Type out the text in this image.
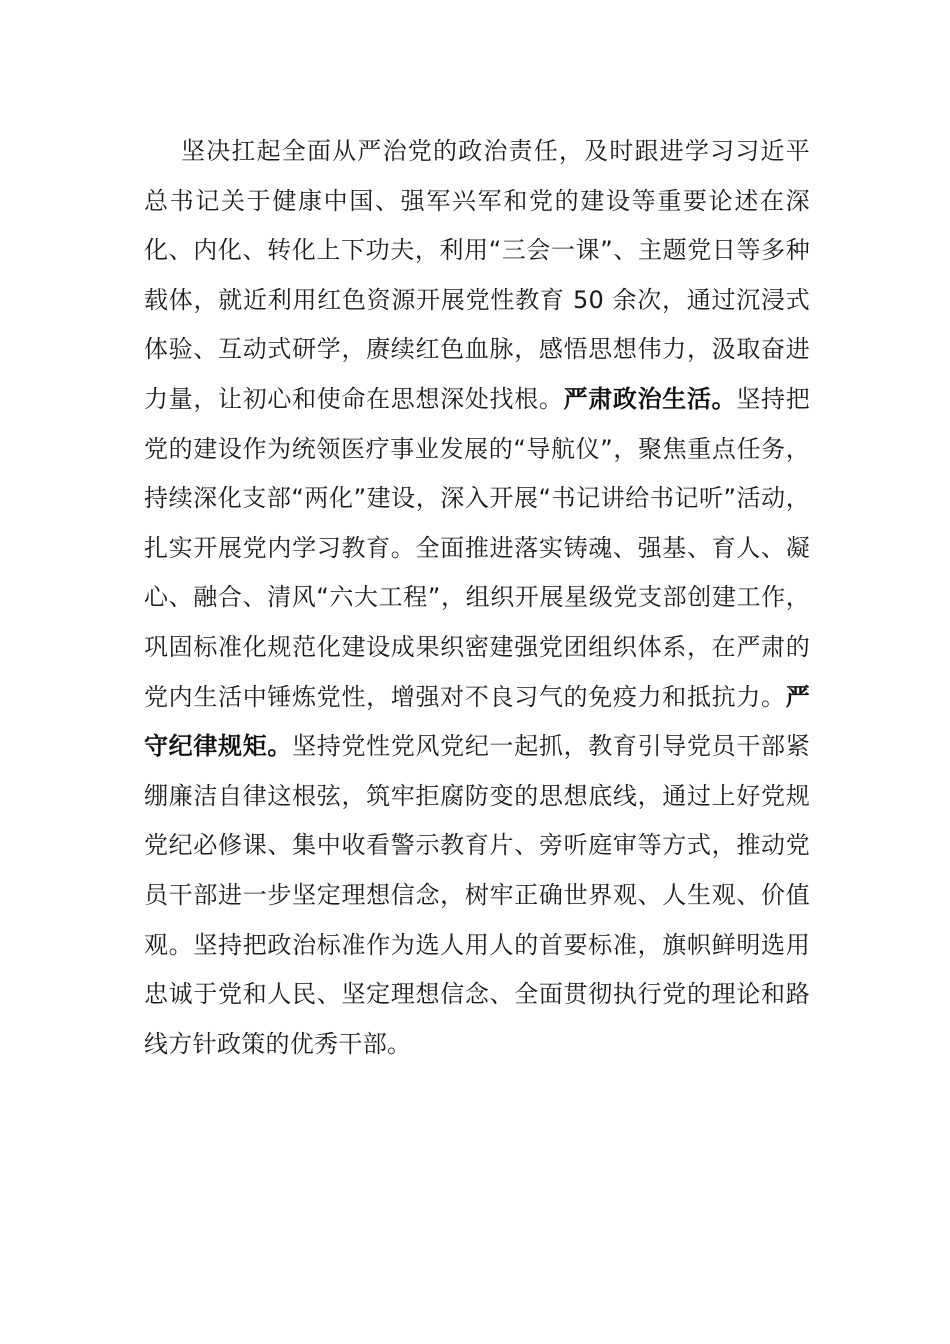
坚决扛起全面从严治党的政治责任，及时跟进学习习近平总书记关于健康中国、强军兴军和党的建设等重要论述在深化、内化、转化上下功夫，利用“三会一课”、主题党日等多种载体，就近利用红色资源开展党性教育 50 余次，通过沉浸式体验、互动式研学，赓续红色血脉，感悟思想伟力，汲取奋进力量，让初心和使命在思想深处找根。严肃政治生活。坚持把党的建设作为统领医疗事业发展的“导航仪”，聚焦重点任务，持续深化支部“两化”建设，深入开展“书记讲给书记听”活动，扎实开展党内学习教育。全面推进落实铸魂、强基、育人、凝心、融合、清风“六大工程”，组织开展星级党支部创建工作，巩固标准化规范化建设成果织密建强党团组织体系，在严肃的党内生活中锤炼党性，增强对不良习气的免疫力和抵抗力。严守纪律规矩。坚持党性党风党纪一起抓，教育引导党员干部紧绷廉洁自律这根弦，筑牢拒腐防变的思想底线，通过上好党规党纪必修课、集中收看警示教育片、旁听庭审等方式，推动党员干部进一步坚定理想信念，树牢正确世界观、人生观、价值观。坚持把政治标准作为选人用人的首要标准，旗帜鲜明选用忠诚于党和人民、坚定理想信念、全面贯彻执行党的理论和路线方针政策的优秀干部。
